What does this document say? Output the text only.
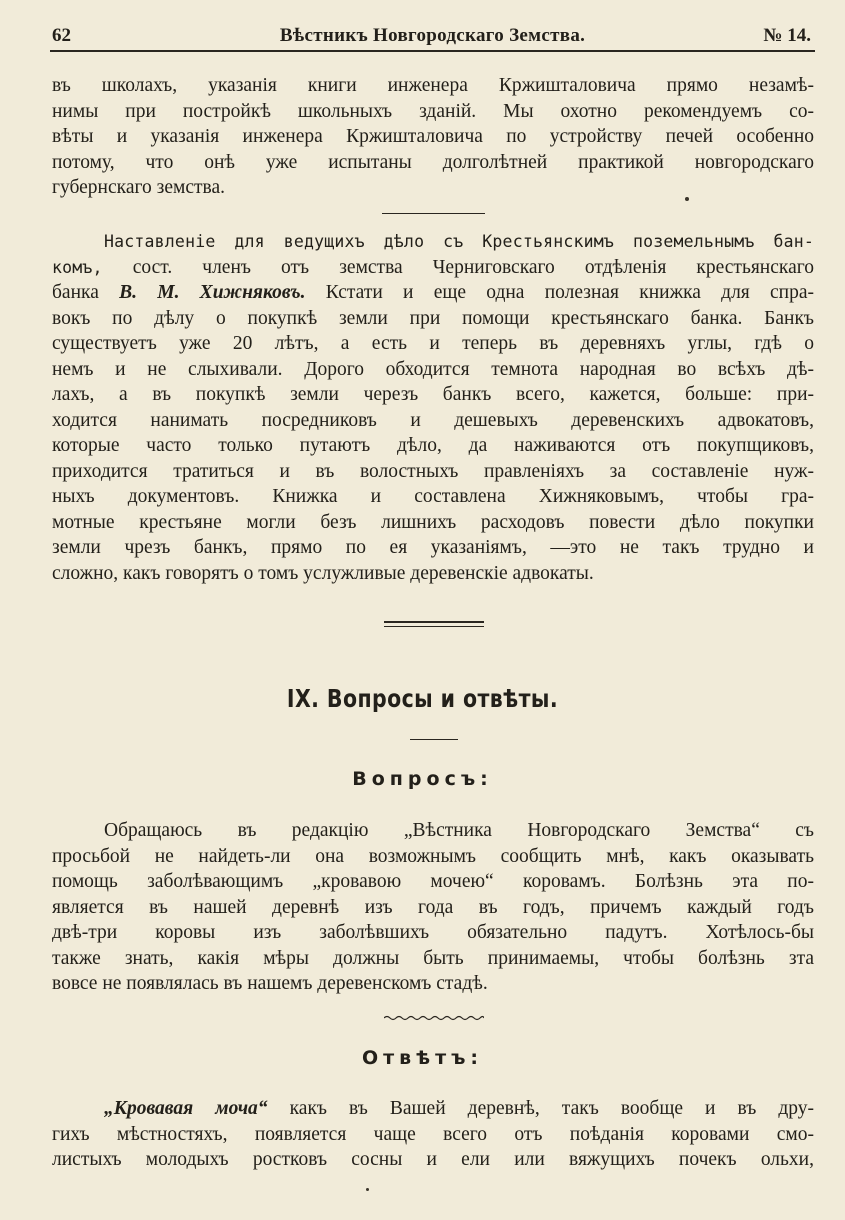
62	Вѣстникъ Новгородскаго Земства.	№ 14.
въ школахъ, указанія книги инженера Кржишталовича прямо незамѣ-
нимы при постройкѣ школьныхъ зданій. Мы охотно рекомендуемъ со-
вѣты и указанія инженера Кржишталовича по устройству печей особенно
потому, что онѣ уже испытаны долголѣтней практикой новгородскаго
губернскаго земства.
Наставленіе для ведущихъ дѣло съ Крестьянскимъ поземельнымъ бан-
комъ, сост. членъ отъ земства Черниговскаго отдѣленія крестьянскаго
банка В. М. Хижняковъ. Кстати и еще одна полезная книжка для спра-
вокъ по дѣлу о покупкѣ земли при помощи крестьянскаго банка. Банкъ
существуетъ уже 20 лѣтъ, а есть и теперь въ деревняхъ углы, гдѣ о
немъ и не слыхивали. Дорого обходится темнота народная во всѣхъ дѣ-
лахъ, а въ покупкѣ земли черезъ банкъ всего, кажется, больше: при-
ходится нанимать посредниковъ и дешевыхъ деревенскихъ адвокатовъ,
которые часто только путаютъ дѣло, да наживаются отъ покупщиковъ,
приходится тратиться и въ волостныхъ правленіяхъ за составленіе нуж-
ныхъ документовъ. Книжка и составлена Хижняковымъ, чтобы гра-
мотные крестьяне могли безъ лишнихъ расходовъ повести дѣло покупки
земли чрезъ банкъ, прямо по ея указаніямъ, —это не такъ трудно и
сложно, какъ говорятъ о томъ услужливые деревенскіе адвокаты.
IX. Вопросы и отвѣты.
Вопросъ:
Обращаюсь въ редакцію „Вѣстника Новгородскаго Земства“ съ
просьбой не найдеть-ли она возможнымъ сообщить мнѣ, какъ оказывать
помощь заболѣвающимъ „кровавою мочею“ коровамъ. Болѣзнь эта по-
является въ нашей деревнѣ изъ года въ годъ, причемъ каждый годъ
двѣ-три коровы изъ заболѣвшихъ обязательно падутъ. Хотѣлось-бы
также знать, какія мѣры должны быть принимаемы, чтобы болѣзнь зта
вовсе не появлялась въ нашемъ деревенскомъ стадѣ.
Отвѣтъ:
„Кровавая моча“ какъ въ Вашей деревнѣ, такъ вообще и въ дру-
гихъ мѣстностяхъ, появляется чаще всего отъ поѣданія коровами смо-
листыхъ молодыхъ ростковъ сосны и ели или вяжущихъ почекъ ольхи,
